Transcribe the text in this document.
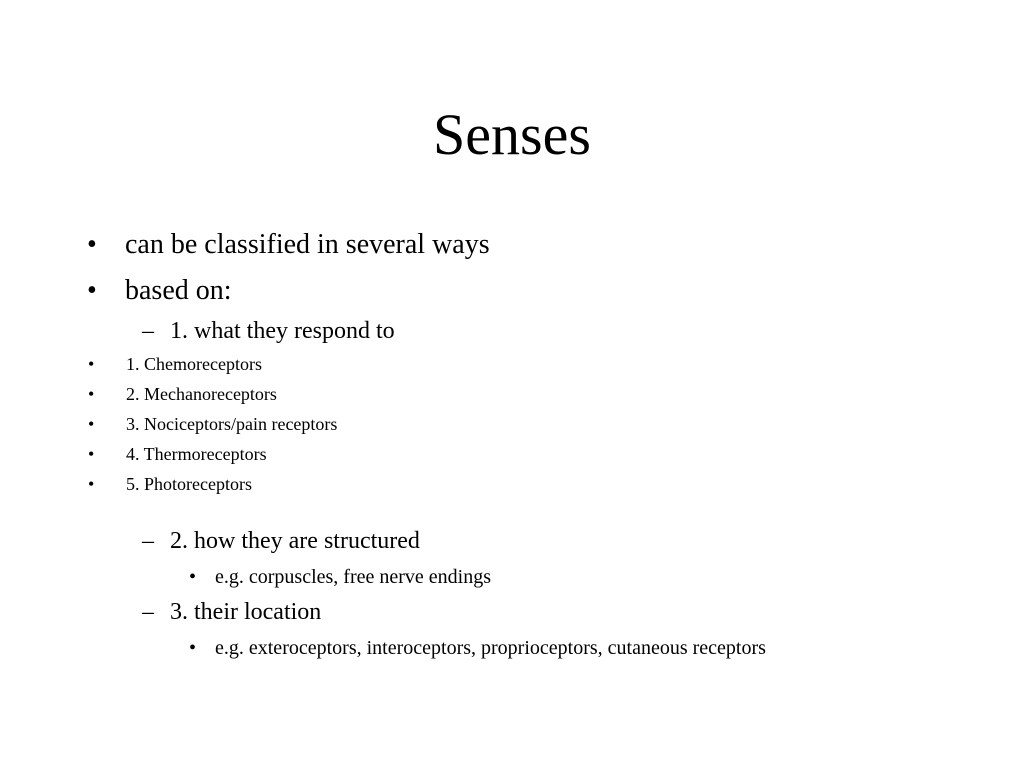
Senses
• can be classified in several ways
• based on:
– 1. what they respond to
• 1. Chemoreceptors
• 2. Mechanoreceptors
• 3. Nociceptors/pain receptors
• 4. Thermoreceptors
• 5. Photoreceptors
– 2. how they are structured
• e.g. corpuscles, free nerve endings
– 3. their location
• e.g. exteroceptors, interoceptors, proprioceptors, cutaneous receptors
